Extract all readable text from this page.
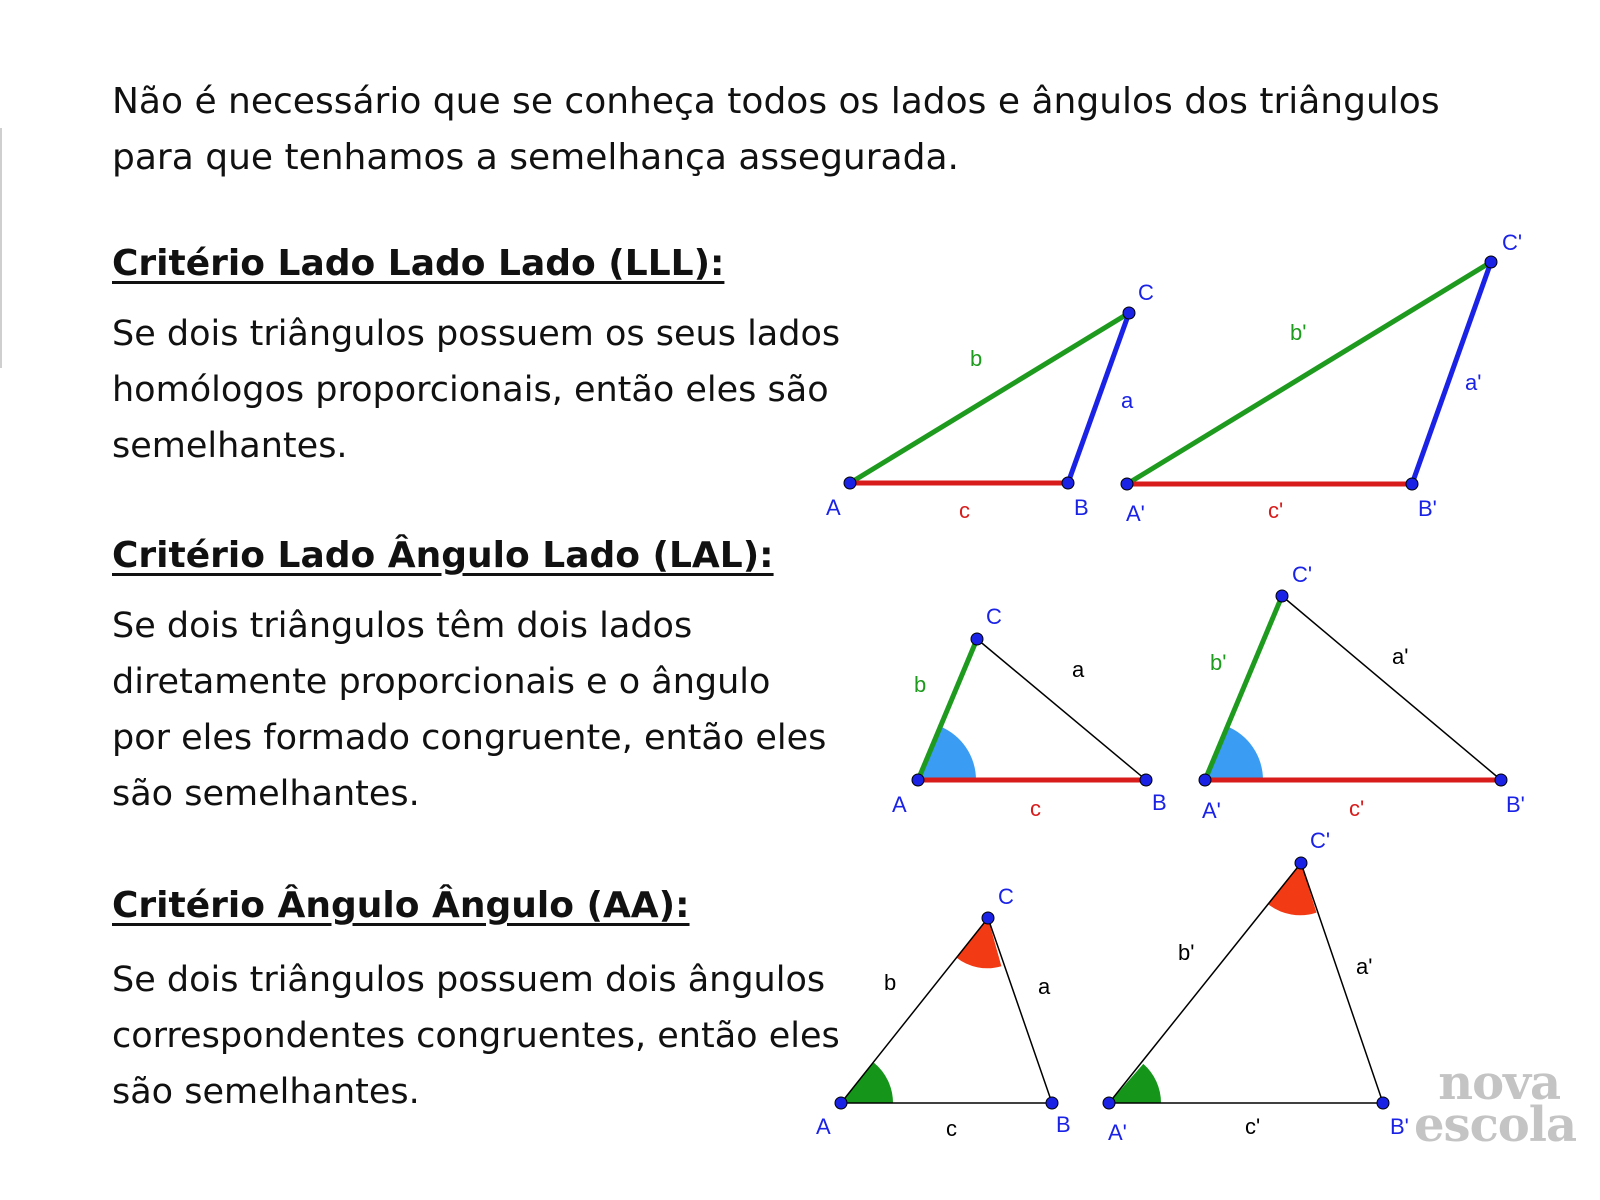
Não é necessário que se conheça todos os lados e ângulos dos triângulos para que tenhamos a semelhança assegurada.

Critério Lado Lado Lado (LLL):

Se dois triângulos possuem os seus lados homólogos proporcionais, então eles são semelhantes.

Critério Lado Ângulo Lado (LAL):

Se dois triângulos têm dois lados diretamente proporcionais e o ângulo por eles formado congruente, então eles são semelhantes.

Critério Ângulo Ângulo (AA):

Se dois triângulos possuem dois ângulos correspondentes congruentes, então eles são semelhantes.

A	B
C
b
a
c	A'	B'
C'
b'
a'
c'
A	B
C
b
a
c	A'	B'
C'
b'	a'
c'
A	B
C
b	a
c	A'	B'
C'
b'
a'
c'
nova
escola
